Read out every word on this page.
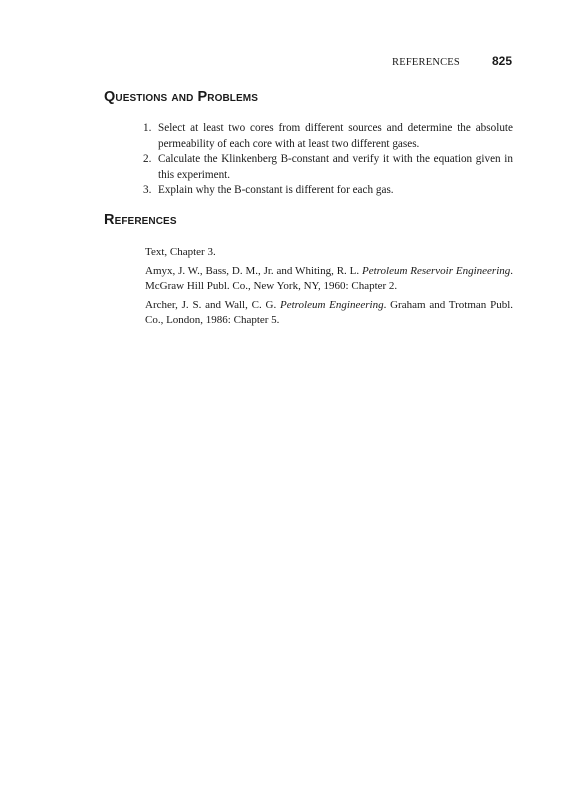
REFERENCES	825
Questions and Problems
1. Select at least two cores from different sources and determine the absolute permeability of each core with at least two different gases.
2. Calculate the Klinkenberg B-constant and verify it with the equation given in this experiment.
3. Explain why the B-constant is different for each gas.
References

Text, Chapter 3.

Amyx, J. W., Bass, D. M., Jr. and Whiting, R. L. Petroleum Reservoir Engineering. McGraw Hill Publ. Co., New York, NY, 1960: Chapter 2.

Archer, J. S. and Wall, C. G. Petroleum Engineering. Graham and Trotman Publ. Co., London, 1986: Chapter 5.
